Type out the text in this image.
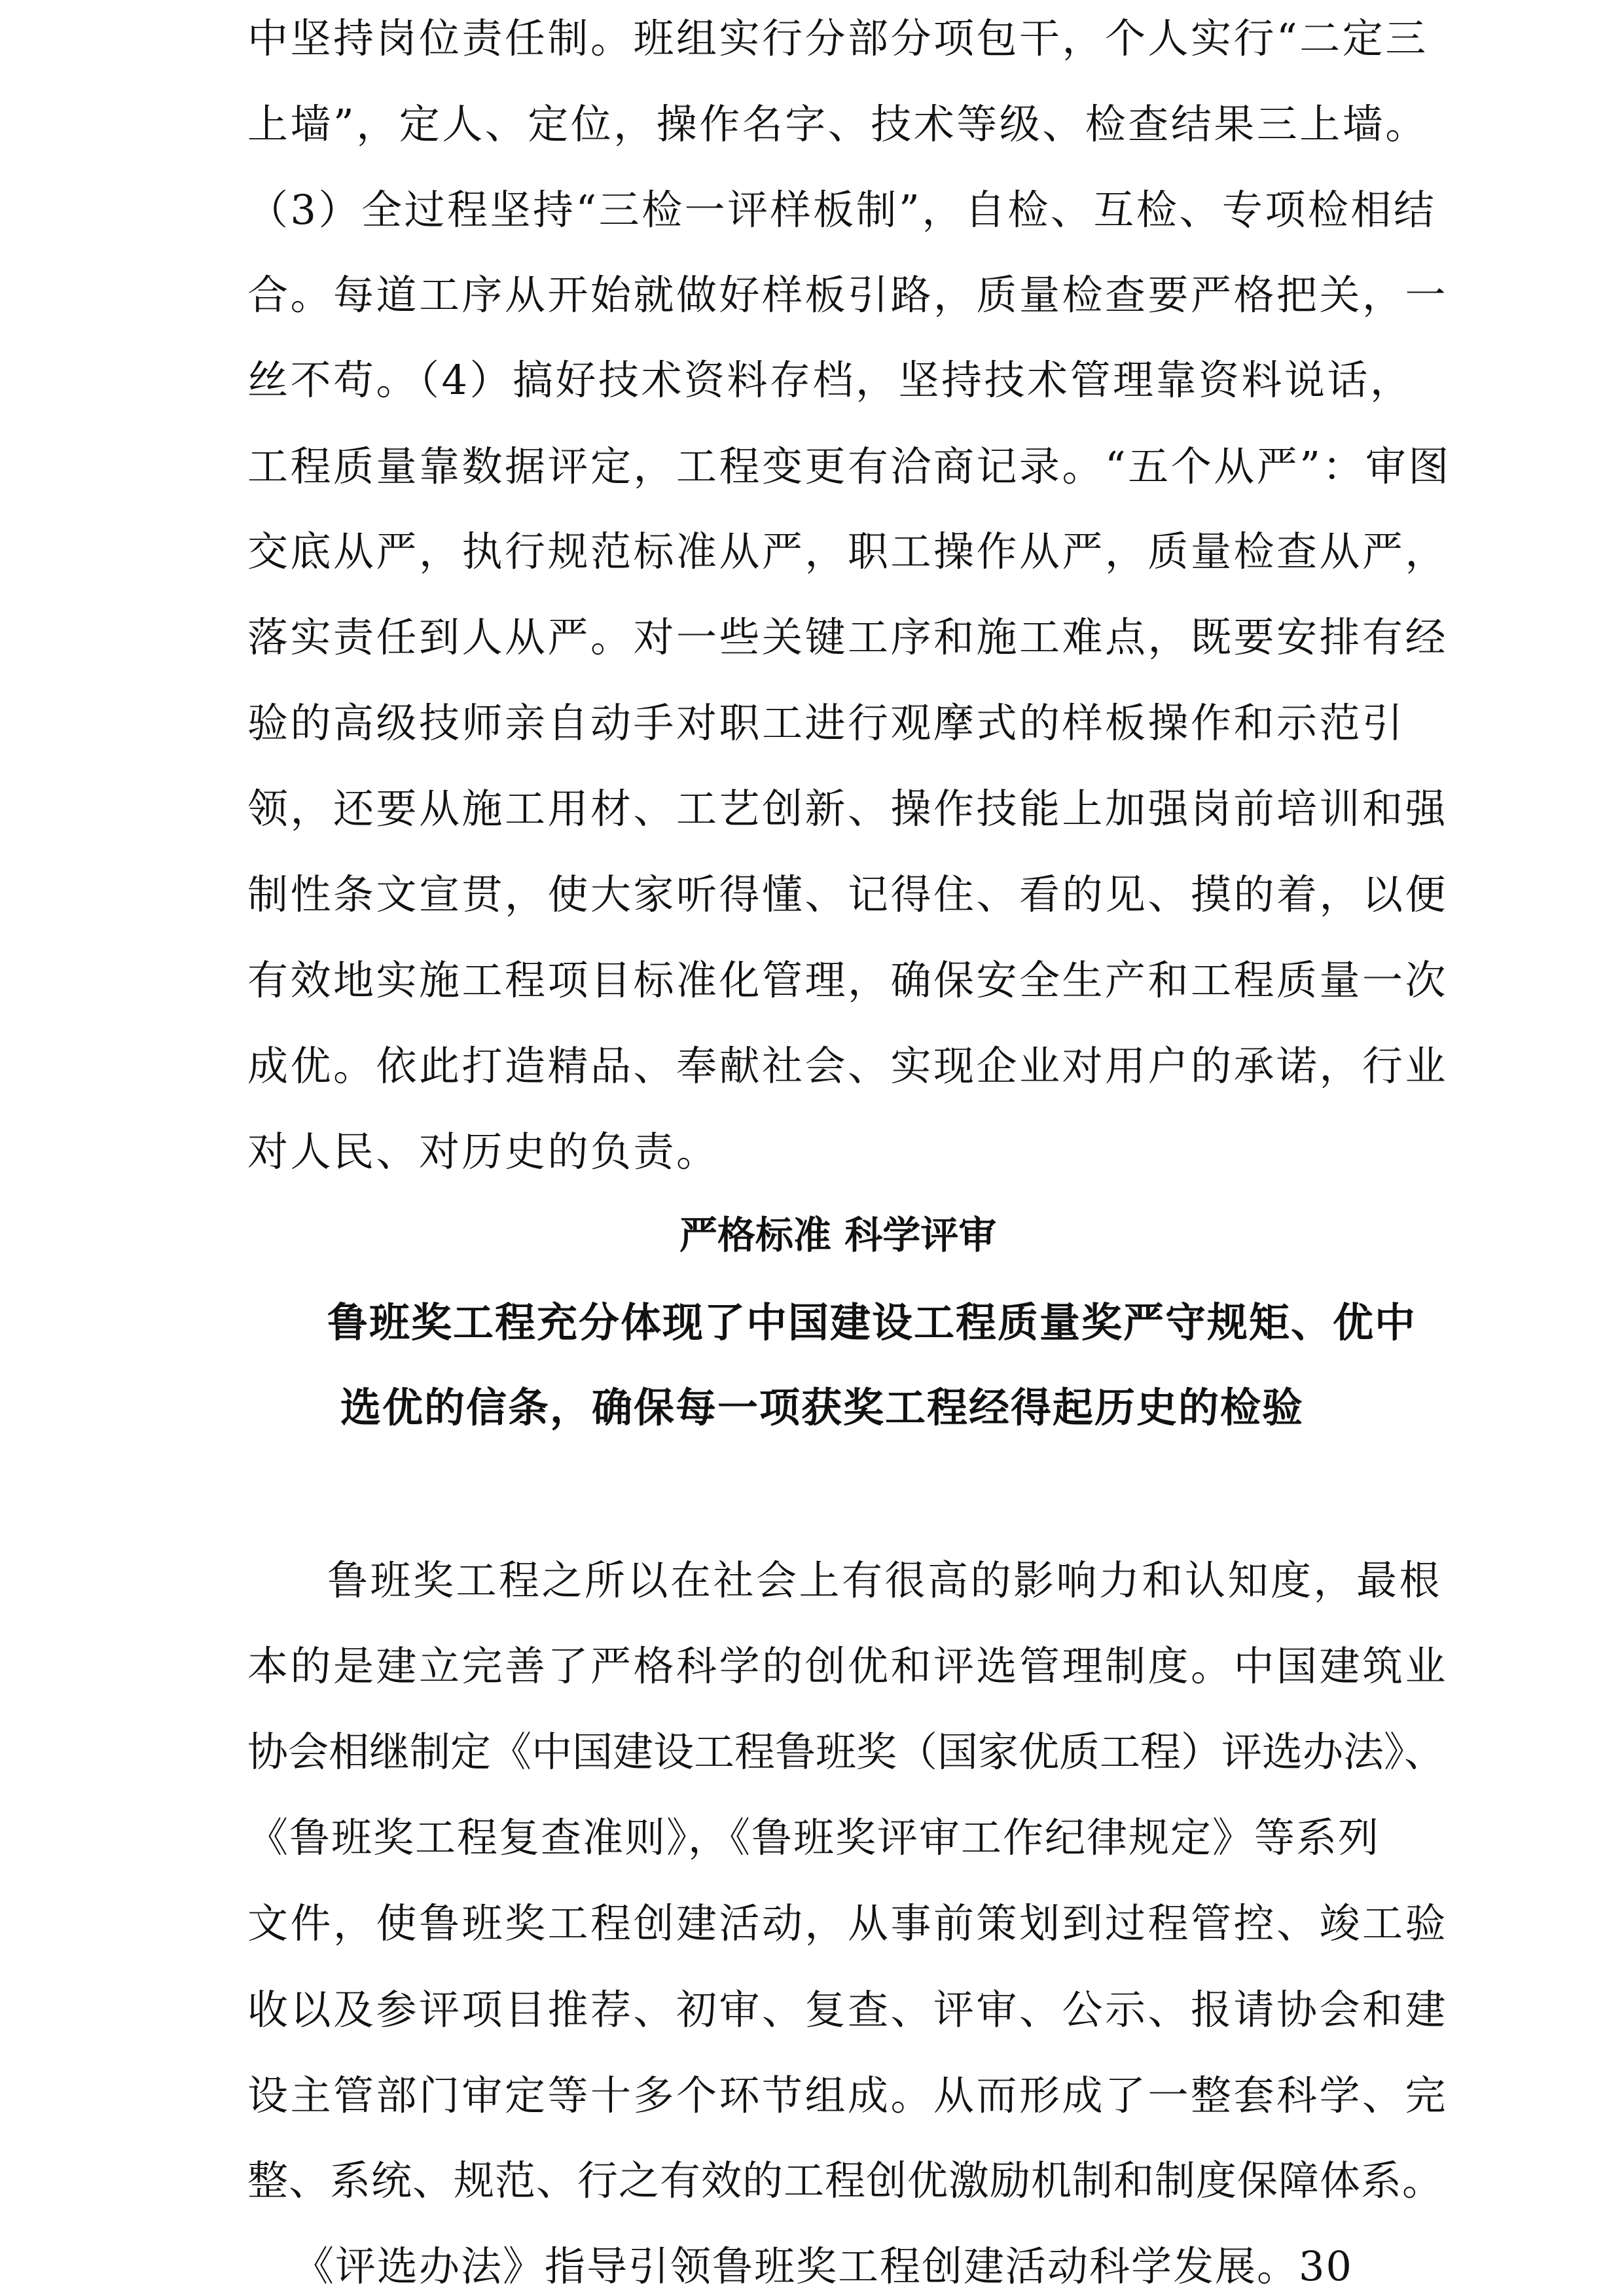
中坚持岗位责任制。班组实行分部分项包干，个人实行“二定三
上墙”，定人、定位，操作名字、技术等级、检查结果三上墙。
（3）全过程坚持“三检一评样板制”，自检、互检、专项检相结
合。每道工序从开始就做好样板引路，质量检查要严格把关，一
丝不苟。（4）搞好技术资料存档，坚持技术管理靠资料说话，
工程质量靠数据评定，工程变更有洽商记录。“五个从严”：审图
交底从严，执行规范标准从严，职工操作从严，质量检查从严，
落实责任到人从严。对一些关键工序和施工难点，既要安排有经
验的高级技师亲自动手对职工进行观摩式的样板操作和示范引
领，还要从施工用材、工艺创新、操作技能上加强岗前培训和强
制性条文宣贯，使大家听得懂、记得住、看的见、摸的着，以便
有效地实施工程项目标准化管理，确保安全生产和工程质量一次
成优。依此打造精品、奉献社会、实现企业对用户的承诺，行业
对人民、对历史的负责。
严格标准 科学评审
鲁班奖工程充分体现了中国建设工程质量奖严守规矩、优中
选优的信条，确保每一项获奖工程经得起历史的检验
鲁班奖工程之所以在社会上有很高的影响力和认知度，最根
本的是建立完善了严格科学的创优和评选管理制度。中国建筑业
协会相继制定《中国建设工程鲁班奖（国家优质工程）评选办法》、
《鲁班奖工程复查准则》，《鲁班奖评审工作纪律规定》等系列
文件，使鲁班奖工程创建活动，从事前策划到过程管控、竣工验
收以及参评项目推荐、初审、复查、评审、公示、报请协会和建
设主管部门审定等十多个环节组成。从而形成了一整套科学、完
整、系统、规范、行之有效的工程创优激励机制和制度保障体系。
《评选办法》指导引领鲁班奖工程创建活动科学发展。30
